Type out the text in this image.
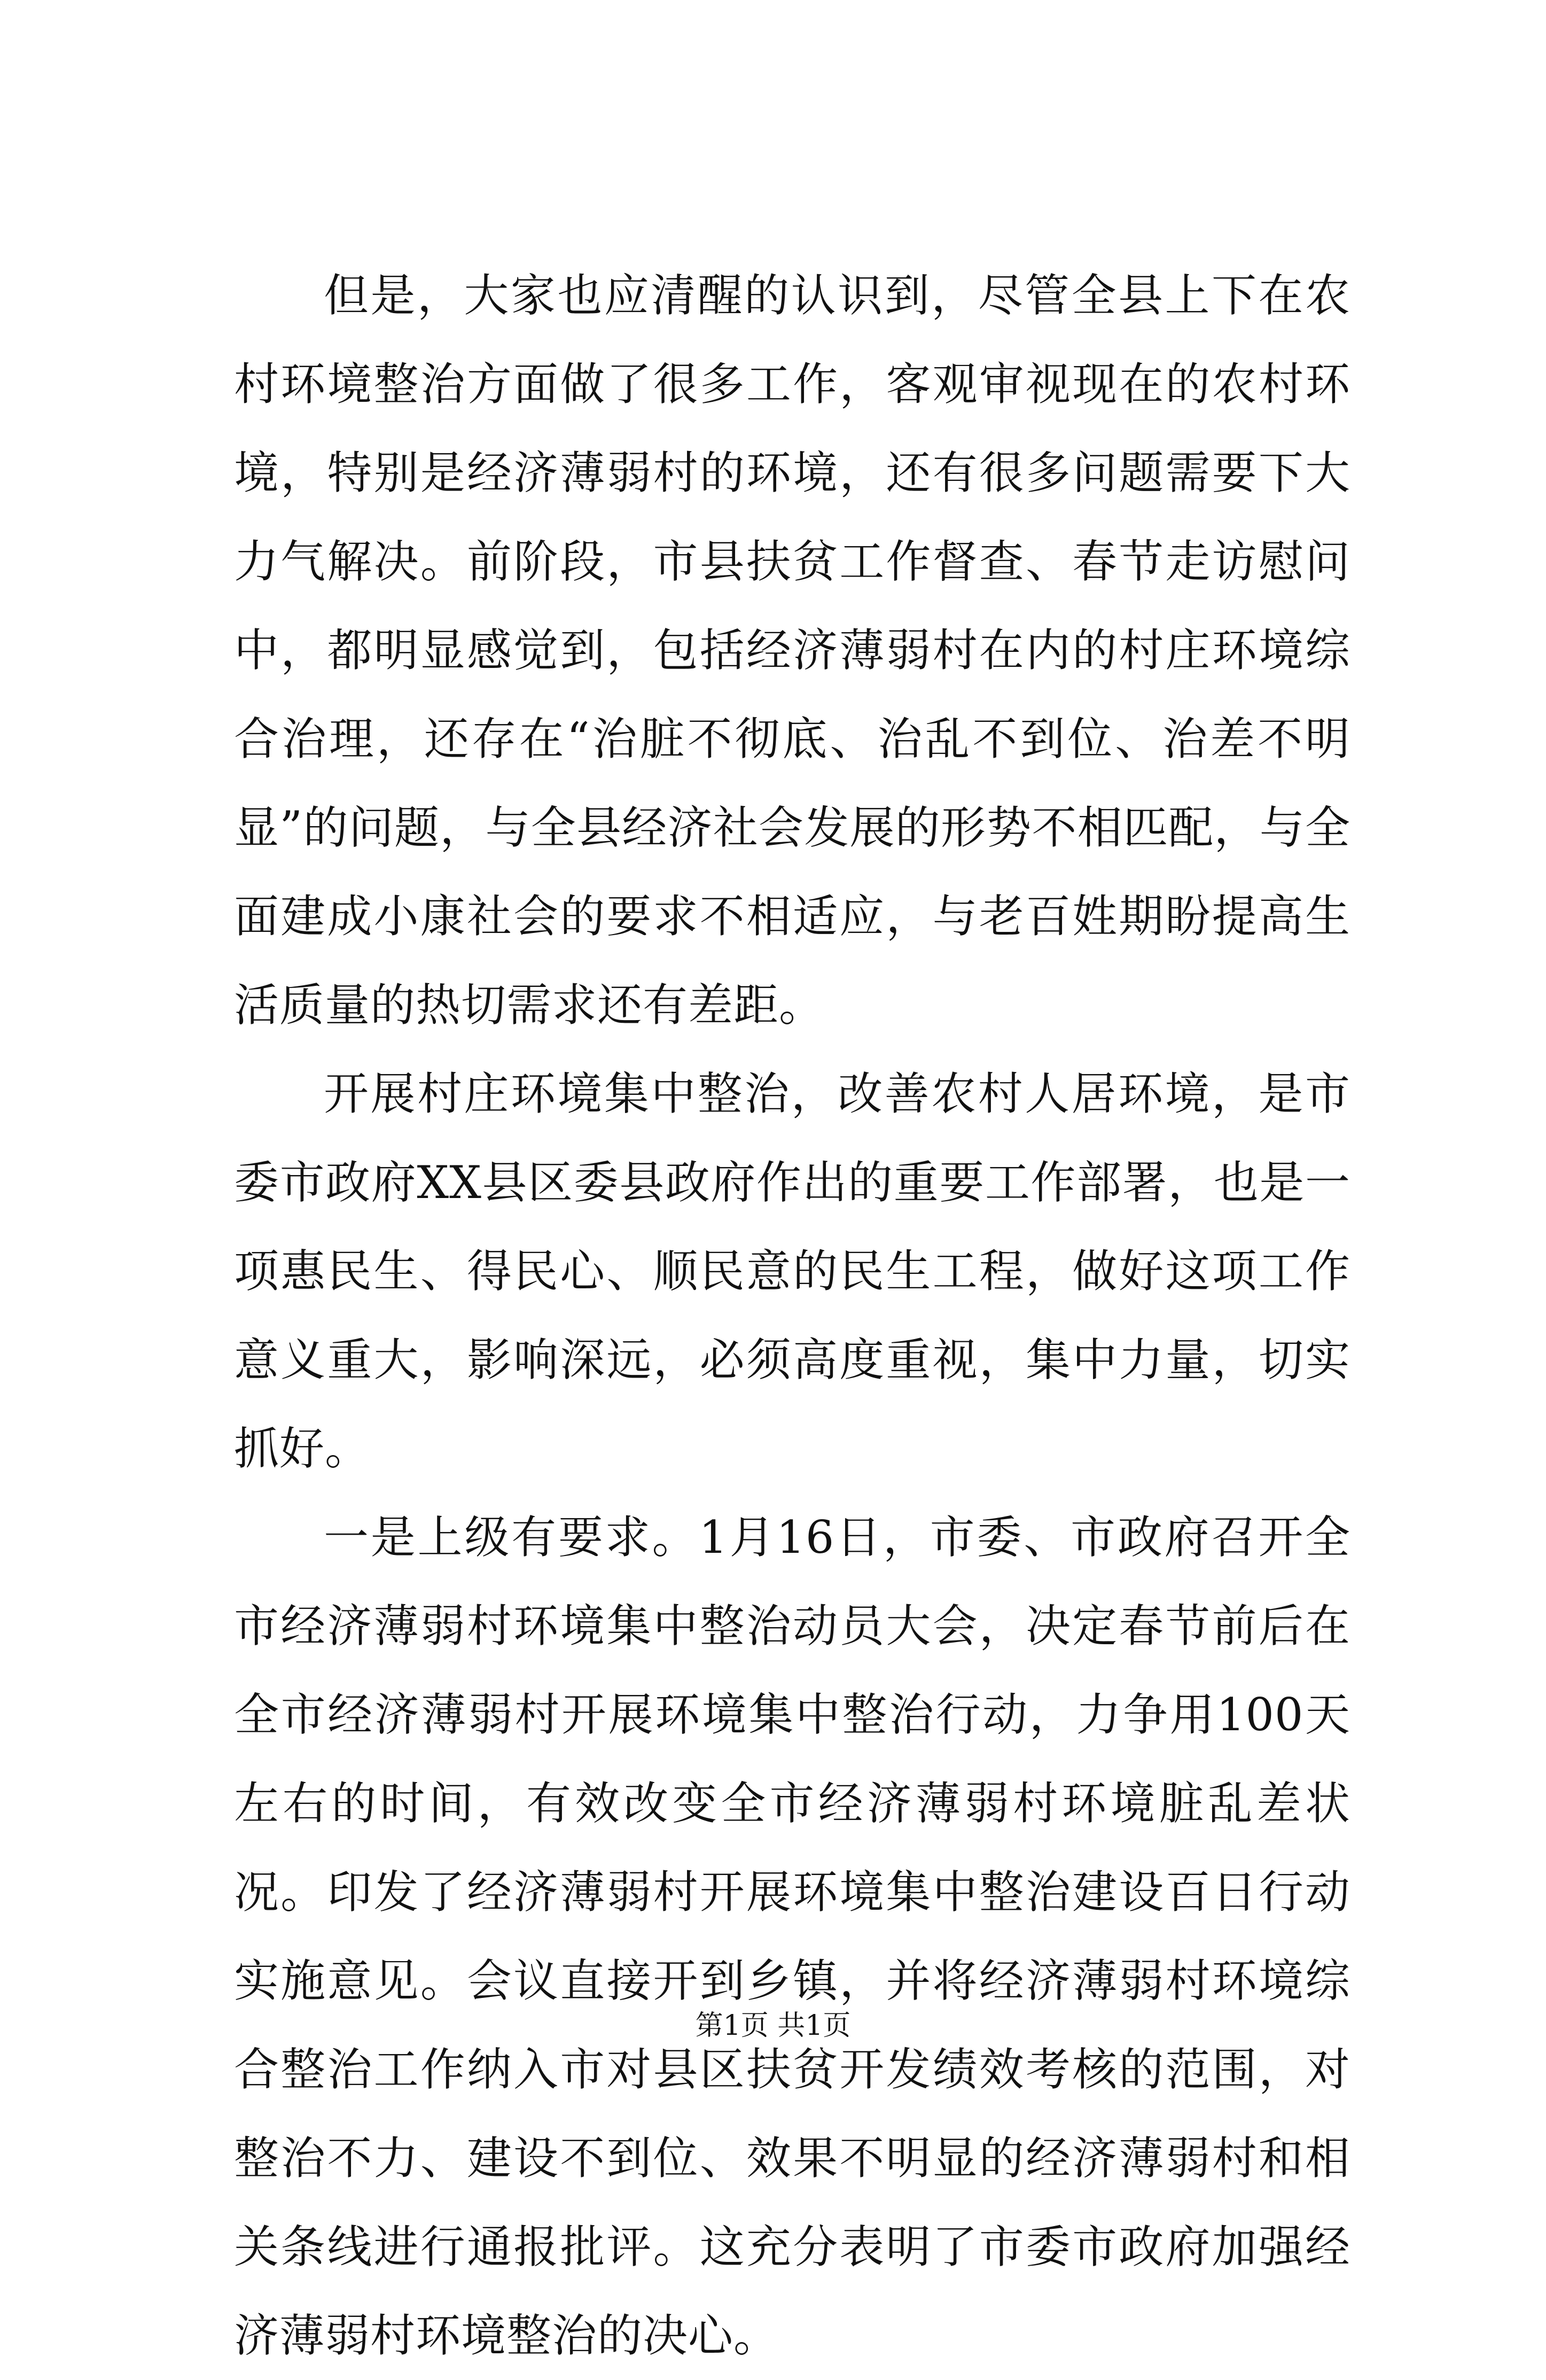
但是，大家也应清醒的认识到，尽管全县上下在农村环境整治方面做了很多工作，客观审视现在的农村环境，特别是经济薄弱村的环境，还有很多问题需要下大力气解决。前阶段，市县扶贫工作督查、春节走访慰问中，都明显感觉到，包括经济薄弱村在内的村庄环境综合治理，还存在“治脏不彻底、治乱不到位、治差不明显”的问题，与全县经济社会发展的形势不相匹配，与全面建成小康社会的要求不相适应，与老百姓期盼提高生活质量的热切需求还有差距。

开展村庄环境集中整治，改善农村人居环境，是市委市政府XX县区委县政府作出的重要工作部署，也是一项惠民生、得民心、顺民意的民生工程，做好这项工作意义重大，影响深远，必须高度重视，集中力量，切实抓好。

一是上级有要求。1月16日，市委、市政府召开全市经济薄弱村环境集中整治动员大会，决定春节前后在全市经济薄弱村开展环境集中整治行动，力争用100天左右的时间，有效改变全市经济薄弱村环境脏乱差状况。印发了经济薄弱村开展环境集中整治建设百日行动实施意见。会议直接开到乡镇，并将经济薄弱村环境综合整治工作纳入市对县区扶贫开发绩效考核的范围，对整治不力、建设不到位、效果不明显的经济薄弱村和相关条线进行通报批评。这充分表明了市委市政府加强经济薄弱村环境整治的决心。

第1页 共1页
